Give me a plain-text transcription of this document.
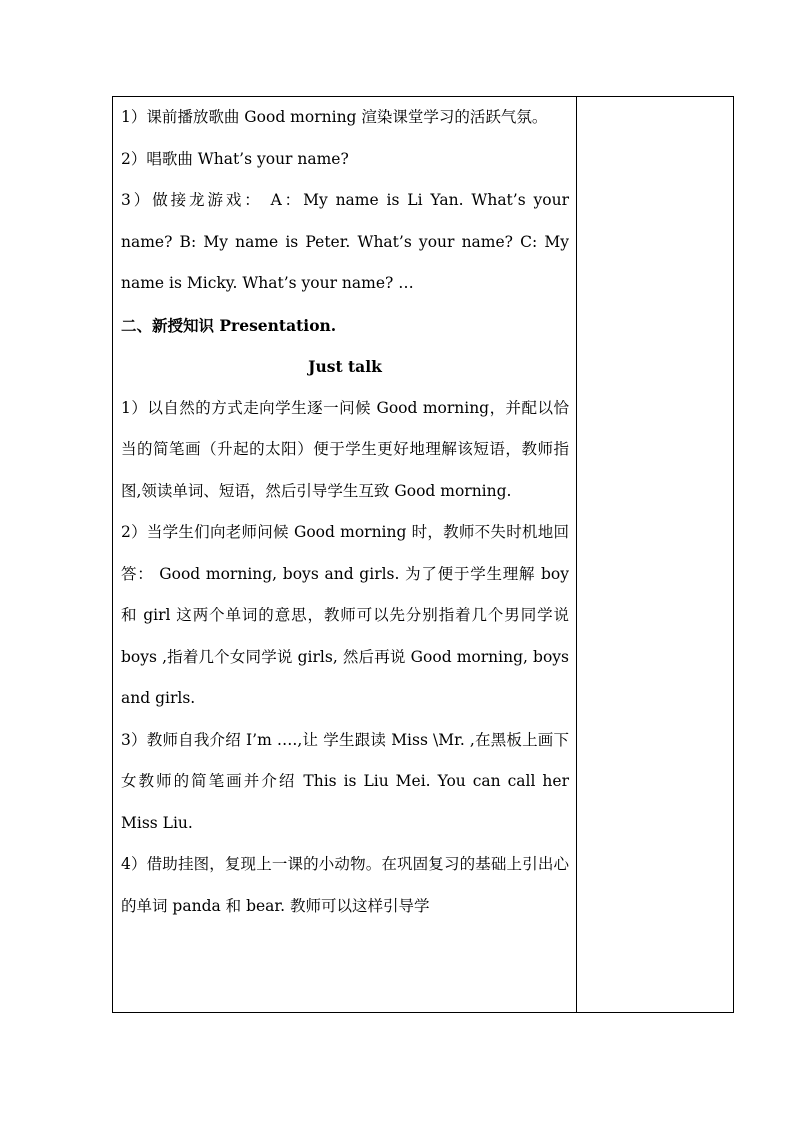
1）课前播放歌曲 Good morning 渲染课堂学习的活跃气氛。

2）唱歌曲 What’s your name?

3）做接龙游戏： A：My name is Li Yan. What’s your name? B: My name is Peter. What’s your name? C: My name is Micky. What’s your name? …

二、新授知识 Presentation.

Just talk

1）以自然的方式走向学生逐一问候 Good morning，并配以恰当的简笔画（升起的太阳）便于学生更好地理解该短语，教师指图,领读单词、短语，然后引导学生互致 Good morning.

2）当学生们向老师问候 Good morning 时，教师不失时机地回答： Good morning, boys and girls. 为了便于学生理解 boy 和 girl 这两个单词的意思，教师可以先分别指着几个男同学说 boys ,指着几个女同学说 girls, 然后再说 Good morning, boys and girls.

3）教师自我介绍 I’m ….,让 学生跟读 Miss \Mr. ,在黑板上画下女教师的简笔画并介绍 This is Liu Mei. You can call her Miss Liu.

4）借助挂图，复现上一课的小动物。在巩固复习的基础上引出心的单词 panda 和 bear. 教师可以这样引导学
